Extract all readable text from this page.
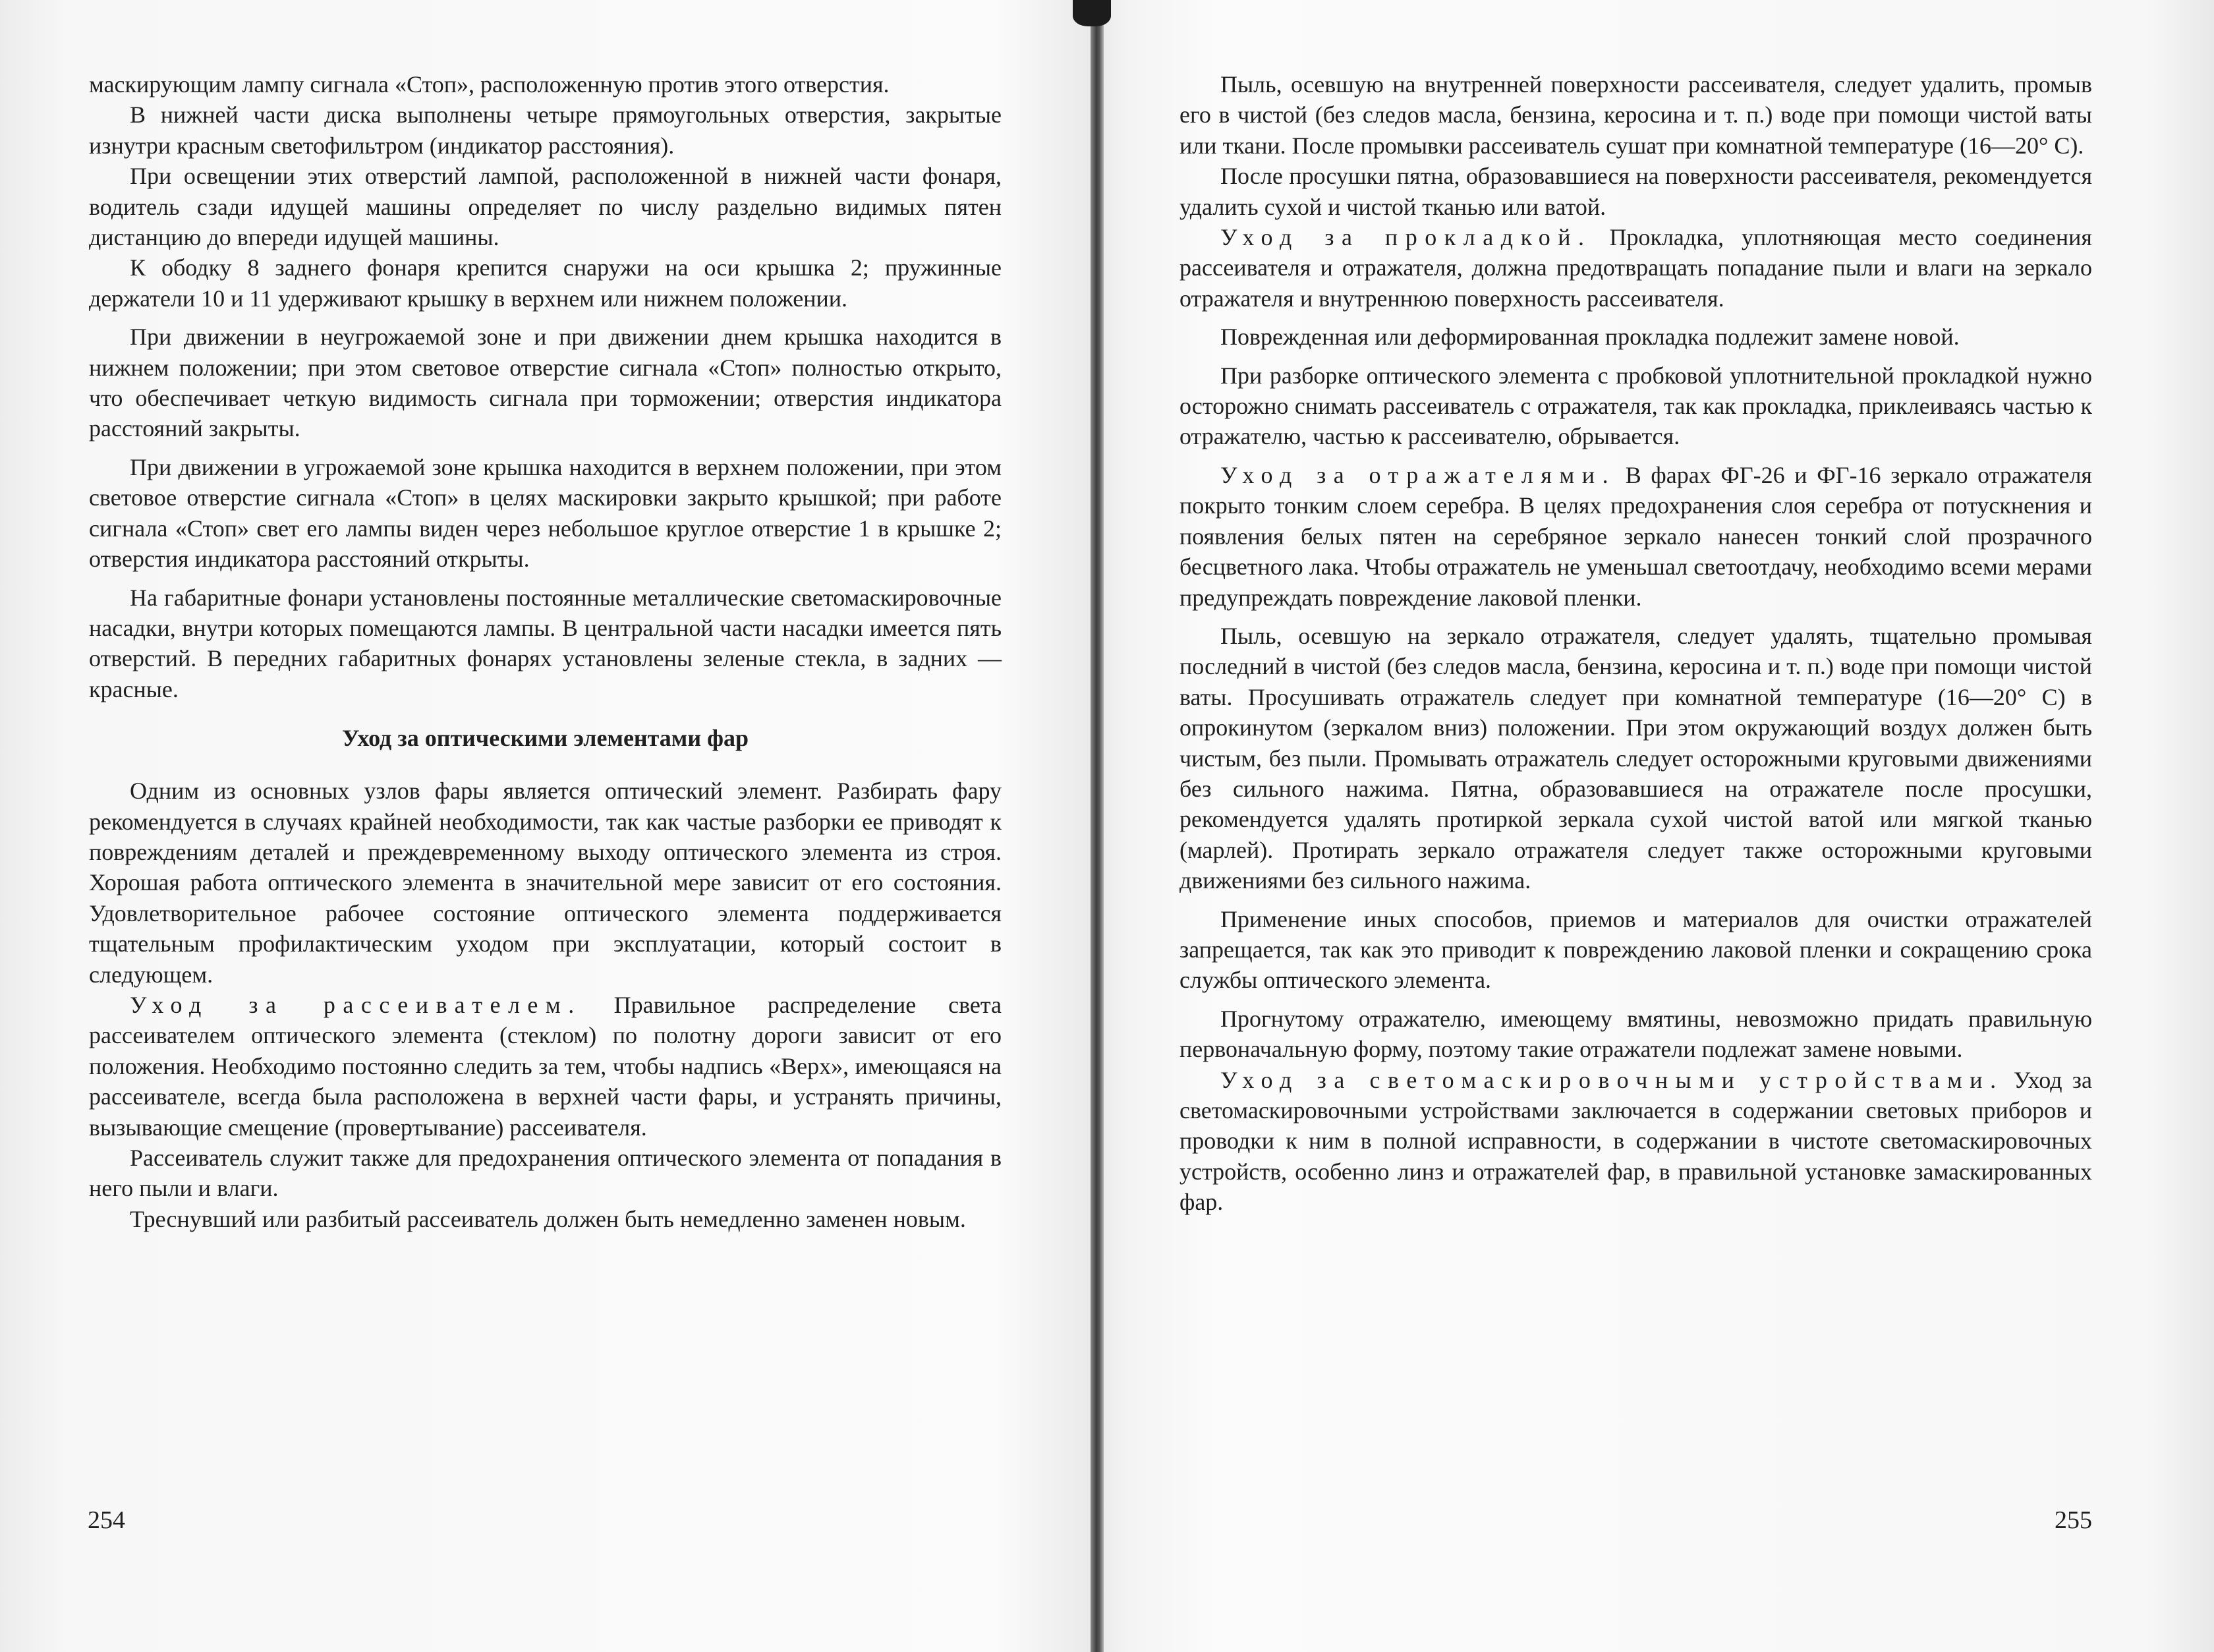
маскирующим лампу сигнала «Стоп», расположенную против этого отверстия.

В нижней части диска выполнены четыре прямоугольных отверстия, закрытые изнутри красным светофильтром (индикатор расстояния).

При освещении этих отверстий лампой, расположенной в нижней части фонаря, водитель сзади идущей машины определяет по числу раздельно видимых пятен дистанцию до впереди идущей машины.

К ободку 8 заднего фонаря крепится снаружи на оси крышка 2; пружинные держатели 10 и 11 удерживают крышку в верхнем или нижнем положении.

При движении в неугрожаемой зоне и при движении днем крышка находится в нижнем положении; при этом световое отверстие сигнала «Стоп» полностью открыто, что обеспечивает четкую видимость сигнала при торможении; отверстия индикатора расстояний закрыты.

При движении в угрожаемой зоне крышка находится в верхнем положении, при этом световое отверстие сигнала «Стоп» в целях маскировки закрыто крышкой; при работе сигнала «Стоп» свет его лампы виден через небольшое круглое отверстие 1 в крышке 2; отверстия индикатора расстояний открыты.

На габаритные фонари установлены постоянные металлические светомаскировочные насадки, внутри которых помещаются лампы. В центральной части насадки имеется пять отверстий. В передних габаритных фонарях установлены зеленые стекла, в задних — красные.

Уход за оптическими элементами фар

Одним из основных узлов фары является оптический элемент. Разбирать фару рекомендуется в случаях крайней необходимости, так как частые разборки ее приводят к повреждениям деталей и преждевременному выходу оптического элемента из строя. Хорошая работа оптического элемента в значительной мере зависит от его состояния. Удовлетворительное рабочее состояние оптического элемента поддерживается тщательным профилактическим уходом при эксплуатации, который состоит в следующем.

Уход за рассеивателем. Правильное распределение света рассеивателем оптического элемента (стеклом) по полотну дороги зависит от его положения. Необходимо постоянно следить за тем, чтобы надпись «Верх», имеющаяся на рассеивателе, всегда была расположена в верхней части фары, и устранять причины, вызывающие смещение (провертывание) рассеивателя.

Рассеиватель служит также для предохранения оптического элемента от попадания в него пыли и влаги.

Треснувший или разбитый рассеиватель должен быть немедленно заменен новым.

254

Пыль, осевшую на внутренней поверхности рассеивателя, следует удалить, промыв его в чистой (без следов масла, бензина, керосина и т. п.) воде при помощи чистой ваты или ткани. После промывки рассеиватель сушат при комнатной температуре (16—20° С).

После просушки пятна, образовавшиеся на поверхности рассеивателя, рекомендуется удалить сухой и чистой тканью или ватой.

Уход за прокладкой. Прокладка, уплотняющая место соединения рассеивателя и отражателя, должна предотвращать попадание пыли и влаги на зеркало отражателя и внутреннюю поверхность рассеивателя.

Поврежденная или деформированная прокладка подлежит замене новой.

При разборке оптического элемента с пробковой уплотнительной прокладкой нужно осторожно снимать рассеиватель с отражателя, так как прокладка, приклеиваясь частью к отражателю, частью к рассеивателю, обрывается.

Уход за отражателями. В фарах ФГ-26 и ФГ-16 зеркало отражателя покрыто тонким слоем серебра. В целях предохранения слоя серебра от потускнения и появления белых пятен на серебряное зеркало нанесен тонкий слой прозрачного бесцветного лака. Чтобы отражатель не уменьшал светоотдачу, необходимо всеми мерами предупреждать повреждение лаковой пленки.

Пыль, осевшую на зеркало отражателя, следует удалять, тщательно промывая последний в чистой (без следов масла, бензина, керосина и т. п.) воде при помощи чистой ваты. Просушивать отражатель следует при комнатной температуре (16—20° С) в опрокинутом (зеркалом вниз) положении. При этом окружающий воздух должен быть чистым, без пыли. Промывать отражатель следует осторожными круговыми движениями без сильного нажима. Пятна, образовавшиеся на отражателе после просушки, рекомендуется удалять протиркой зеркала сухой чистой ватой или мягкой тканью (марлей). Протирать зеркало отражателя следует также осторожными круговыми движениями без сильного нажима.

Применение иных способов, приемов и материалов для очистки отражателей запрещается, так как это приводит к повреждению лаковой пленки и сокращению срока службы оптического элемента.

Прогнутому отражателю, имеющему вмятины, невозможно придать правильную первоначальную форму, поэтому такие отражатели подлежат замене новыми.

Уход за светомаскировочными устройствами. Уход за светомаскировочными устройствами заключается в содержании световых приборов и проводки к ним в полной исправности, в содержании в чистоте светомаскировочных устройств, особенно линз и отражателей фар, в правильной установке замаскированных фар.

255
